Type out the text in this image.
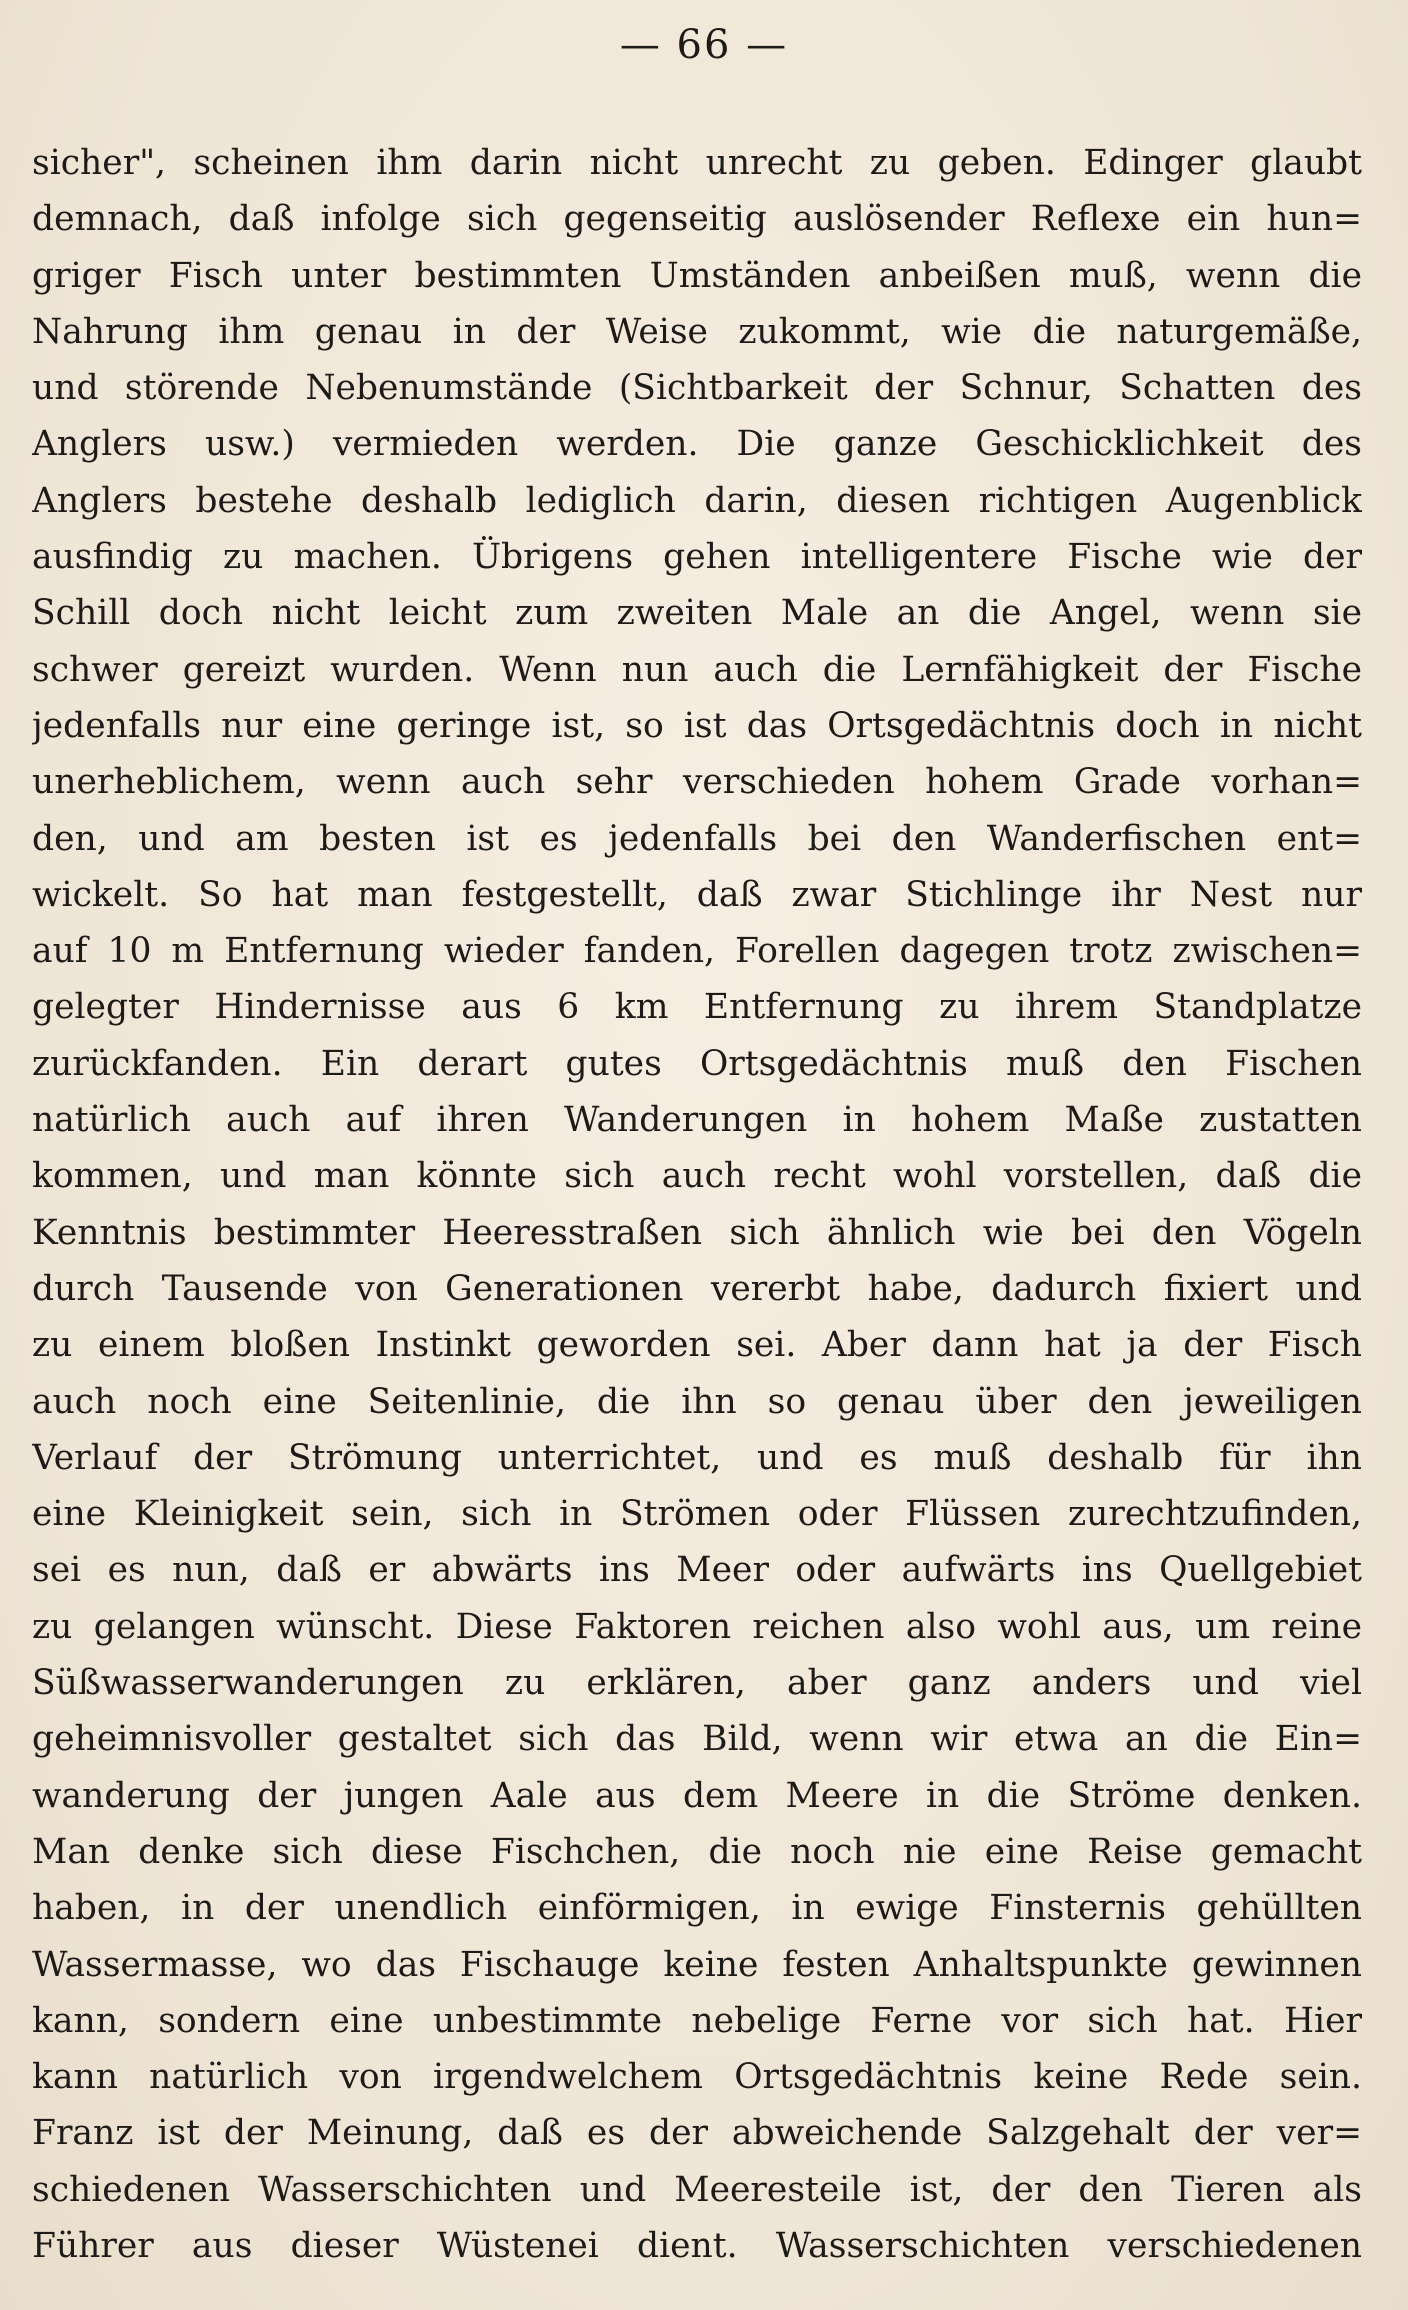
— 66 —
sicher", scheinen ihm darin nicht unrecht zu geben. Edinger glaubt
demnach, daß infolge sich gegenseitig auslösender Reflexe ein hun=
griger Fisch unter bestimmten Umständen anbeißen muß, wenn die
Nahrung ihm genau in der Weise zukommt, wie die naturgemäße,
und störende Nebenumstände (Sichtbarkeit der Schnur, Schatten des
Anglers usw.) vermieden werden. Die ganze Geschicklichkeit des
Anglers bestehe deshalb lediglich darin, diesen richtigen Augenblick
ausfindig zu machen. Übrigens gehen intelligentere Fische wie der
Schill doch nicht leicht zum zweiten Male an die Angel, wenn sie
schwer gereizt wurden. Wenn nun auch die Lernfähigkeit der Fische
jedenfalls nur eine geringe ist, so ist das Ortsgedächtnis doch in nicht
unerheblichem, wenn auch sehr verschieden hohem Grade vorhan=
den, und am besten ist es jedenfalls bei den Wanderfischen ent=
wickelt. So hat man festgestellt, daß zwar Stichlinge ihr Nest nur
auf 10 m Entfernung wieder fanden, Forellen dagegen trotz zwischen=
gelegter Hindernisse aus 6 km Entfernung zu ihrem Standplatze
zurückfanden. Ein derart gutes Ortsgedächtnis muß den Fischen
natürlich auch auf ihren Wanderungen in hohem Maße zustatten
kommen, und man könnte sich auch recht wohl vorstellen, daß die
Kenntnis bestimmter Heeresstraßen sich ähnlich wie bei den Vögeln
durch Tausende von Generationen vererbt habe, dadurch fixiert und
zu einem bloßen Instinkt geworden sei. Aber dann hat ja der Fisch
auch noch eine Seitenlinie, die ihn so genau über den jeweiligen
Verlauf der Strömung unterrichtet, und es muß deshalb für ihn
eine Kleinigkeit sein, sich in Strömen oder Flüssen zurechtzufinden,
sei es nun, daß er abwärts ins Meer oder aufwärts ins Quellgebiet
zu gelangen wünscht. Diese Faktoren reichen also wohl aus, um reine
Süßwasserwanderungen zu erklären, aber ganz anders und viel
geheimnisvoller gestaltet sich das Bild, wenn wir etwa an die Ein=
wanderung der jungen Aale aus dem Meere in die Ströme denken.
Man denke sich diese Fischchen, die noch nie eine Reise gemacht
haben, in der unendlich einförmigen, in ewige Finsternis gehüllten
Wassermasse, wo das Fischauge keine festen Anhaltspunkte gewinnen
kann, sondern eine unbestimmte nebelige Ferne vor sich hat. Hier
kann natürlich von irgendwelchem Ortsgedächtnis keine Rede sein.
Franz ist der Meinung, daß es der abweichende Salzgehalt der ver=
schiedenen Wasserschichten und Meeresteile ist, der den Tieren als
Führer aus dieser Wüstenei dient. Wasserschichten verschiedenen
